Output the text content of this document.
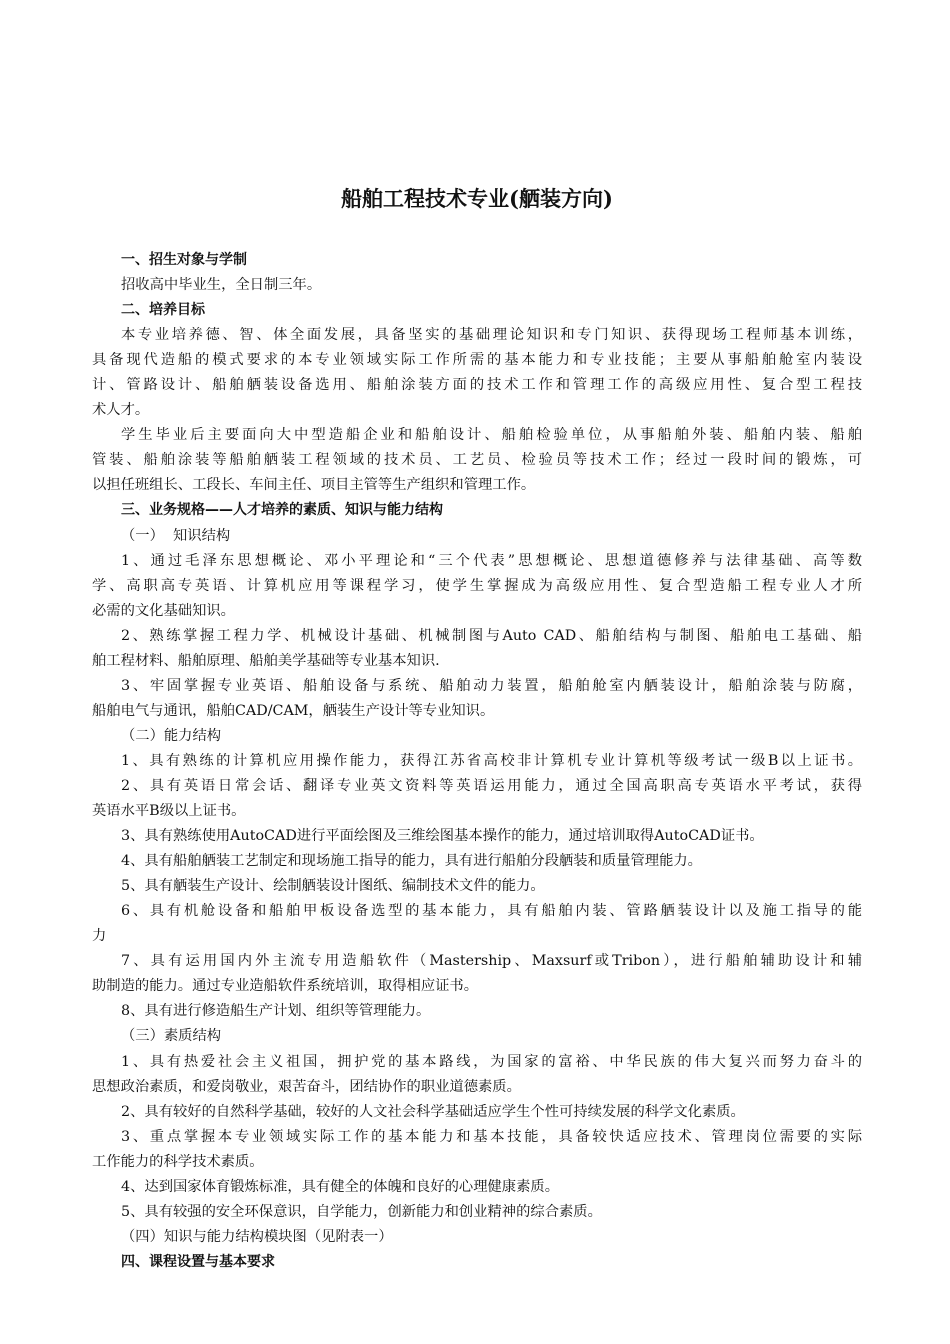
船舶工程技术专业(舾装方向)
一、招生对象与学制
招收高中毕业生，全日制三年。
二、培养目标
本专业培养德、智、体全面发展，具备坚实的基础理论知识和专门知识、获得现场工程师基本训练，
具备现代造船的模式要求的本专业领域实际工作所需的基本能力和专业技能；主要从事船舶舱室内装设
计、管路设计、船舶舾装设备选用、船舶涂装方面的技术工作和管理工作的高级应用性、复合型工程技
术人才。
学生毕业后主要面向大中型造船企业和船舶设计、船舶检验单位，从事船舶外装、船舶内装、船舶
管装、船舶涂装等船舶舾装工程领域的技术员、工艺员、检验员等技术工作；经过一段时间的锻炼，可
以担任班组长、工段长、车间主任、项目主管等生产组织和管理工作。
三、业务规格——人才培养的素质、知识与能力结构
（一）  知识结构
1、通过毛泽东思想概论、邓小平理论和“三个代表”思想概论、思想道德修养与法律基础、高等数
学、高职高专英语、计算机应用等课程学习，使学生掌握成为高级应用性、复合型造船工程专业人才所
必需的文化基础知识。
2、熟练掌握工程力学、机械设计基础、机械制图与Auto CAD、船舶结构与制图、船舶电工基础、船
舶工程材料、船舶原理、船舶美学基础等专业基本知识.
3、牢固掌握专业英语、船舶设备与系统、船舶动力装置，船舶舱室内舾装设计，船舶涂装与防腐，
船舶电气与通讯，船舶CAD/CAM，舾装生产设计等专业知识。
（二）能力结构
1、具有熟练的计算机应用操作能力，获得江苏省高校非计算机专业计算机等级考试一级B以上证书。
2、具有英语日常会话、翻译专业英文资料等英语运用能力，通过全国高职高专英语水平考试，获得
英语水平B级以上证书。
3、具有熟练使用AutoCAD进行平面绘图及三维绘图基本操作的能力，通过培训取得AutoCAD证书。
4、具有船舶舾装工艺制定和现场施工指导的能力，具有进行船舶分段舾装和质量管理能力。
5、具有舾装生产设计、绘制舾装设计图纸、编制技术文件的能力。
6、具有机舱设备和船舶甲板设备选型的基本能力，具有船舶内装、管路舾装设计以及施工指导的能
力
7、具有运用国内外主流专用造船软件（Mastership、Maxsurf或Tribon），进行船舶辅助设计和辅
助制造的能力。通过专业造船软件系统培训，取得相应证书。
8、具有进行修造船生产计划、组织等管理能力。
（三）素质结构
1、具有热爱社会主义祖国，拥护党的基本路线，为国家的富裕、中华民族的伟大复兴而努力奋斗的
思想政治素质，和爱岗敬业，艰苦奋斗，团结协作的职业道德素质。
2、具有较好的自然科学基础，较好的人文社会科学基础适应学生个性可持续发展的科学文化素质。
3、重点掌握本专业领域实际工作的基本能力和基本技能，具备较快适应技术、管理岗位需要的实际
工作能力的科学技术素质。
4、达到国家体育锻炼标准，具有健全的体魄和良好的心理健康素质。
5、具有较强的安全环保意识，自学能力，创新能力和创业精神的综合素质。
（四）知识与能力结构模块图（见附表一）
四、课程设置与基本要求
